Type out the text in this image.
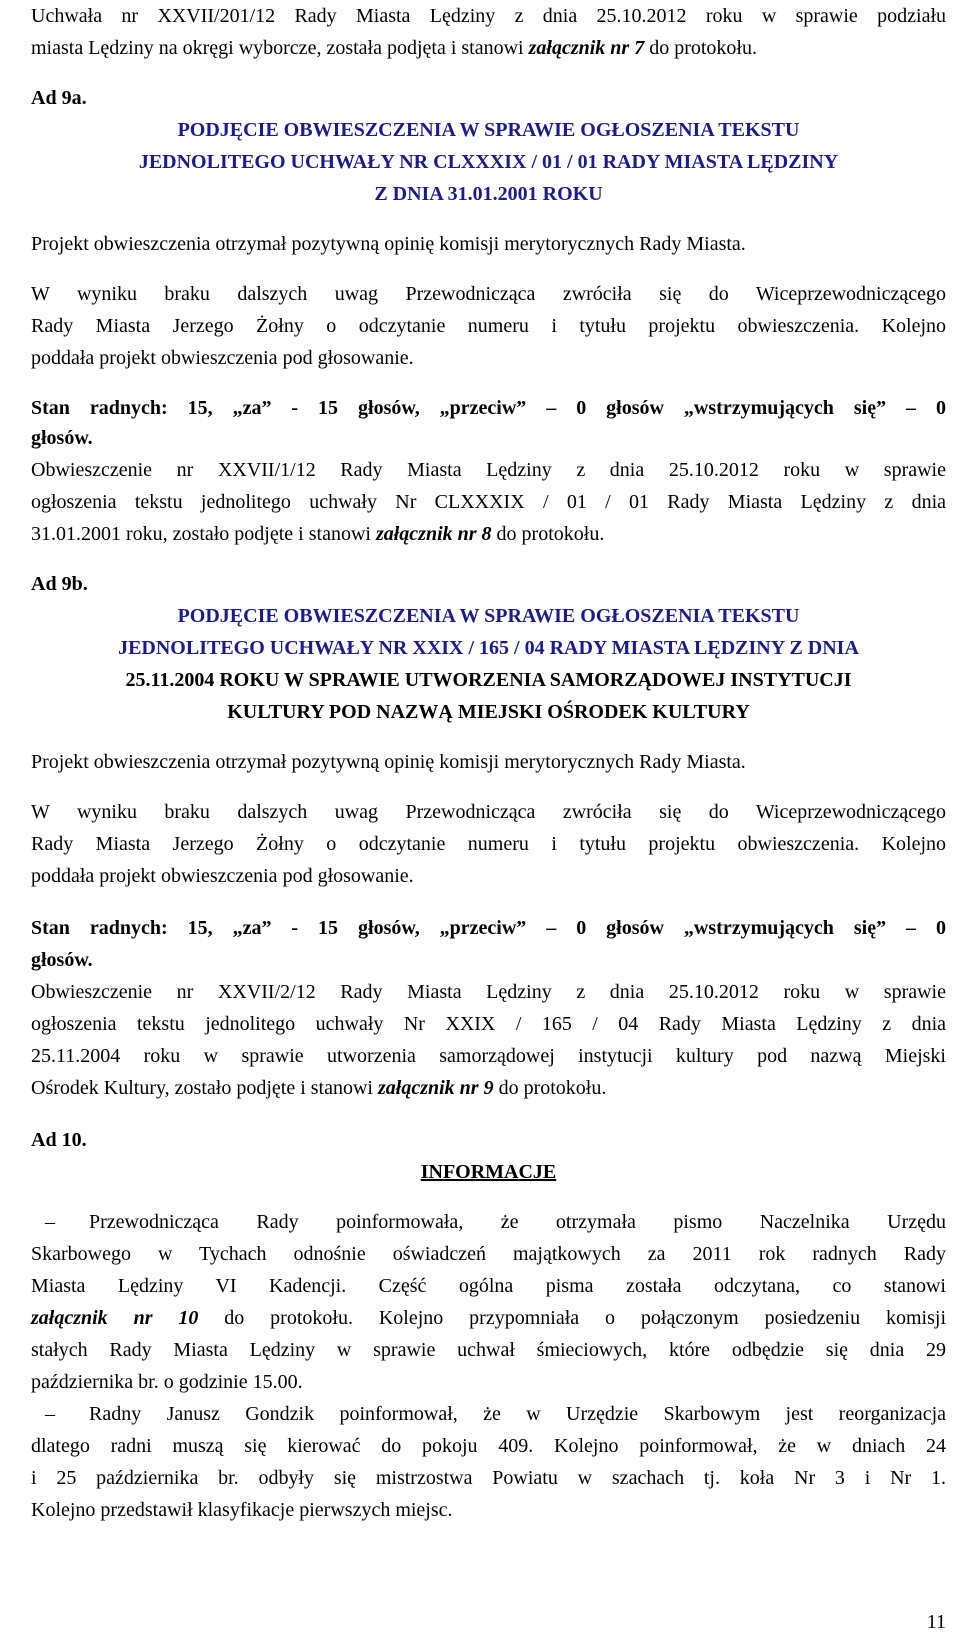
Uchwała nr XXVII/201/12 Rady Miasta Lędziny z dnia 25.10.2012 roku w sprawie podziału
miasta Lędziny na okręgi wyborcze, została podjęta i stanowi załącznik nr 7 do protokołu.
Ad 9a.
PODJĘCIE OBWIESZCZENIA W SPRAWIE OGŁOSZENIA TEKSTU
JEDNOLITEGO UCHWAŁY NR CLXXXIX / 01 / 01 RADY MIASTA LĘDZINY
Z DNIA 31.01.2001 ROKU
Projekt obwieszczenia otrzymał pozytywną opinię komisji merytorycznych Rady Miasta.
W wyniku braku dalszych uwag Przewodnicząca zwróciła się do Wiceprzewodniczącego
Rady Miasta Jerzego Żołny o odczytanie numeru i tytułu projektu obwieszczenia. Kolejno
poddała projekt obwieszczenia pod głosowanie.
Stan radnych: 15, „za” - 15 głosów, „przeciw” – 0 głosów „wstrzymujących się” – 0
głosów.
Obwieszczenie nr XXVII/1/12 Rady Miasta Lędziny z dnia 25.10.2012 roku w sprawie
ogłoszenia tekstu jednolitego uchwały Nr CLXXXIX / 01 / 01 Rady Miasta Lędziny z dnia
31.01.2001 roku, zostało podjęte i stanowi załącznik nr 8 do protokołu.
Ad 9b.
PODJĘCIE OBWIESZCZENIA W SPRAWIE OGŁOSZENIA TEKSTU
JEDNOLITEGO UCHWAŁY NR XXIX / 165 / 04 RADY MIASTA LĘDZINY Z DNIA
25.11.2004 ROKU W SPRAWIE UTWORZENIA SAMORZĄDOWEJ INSTYTUCJI
KULTURY POD NAZWĄ MIEJSKI OŚRODEK KULTURY
Projekt obwieszczenia otrzymał pozytywną opinię komisji merytorycznych Rady Miasta.
W wyniku braku dalszych uwag Przewodnicząca zwróciła się do Wiceprzewodniczącego
Rady Miasta Jerzego Żołny o odczytanie numeru i tytułu projektu obwieszczenia. Kolejno
poddała projekt obwieszczenia pod głosowanie.
Stan radnych: 15, „za” - 15 głosów, „przeciw” – 0 głosów „wstrzymujących się” – 0
głosów.
Obwieszczenie nr XXVII/2/12 Rady Miasta Lędziny z dnia 25.10.2012 roku w sprawie
ogłoszenia tekstu jednolitego uchwały Nr XXIX / 165 / 04 Rady Miasta Lędziny z dnia
25.11.2004 roku w sprawie utworzenia samorządowej instytucji kultury pod nazwą Miejski
Ośrodek Kultury, zostało podjęte i stanowi załącznik nr 9 do protokołu.
Ad 10.
INFORMACJE
– Przewodnicząca Rady poinformowała, że otrzymała pismo Naczelnika Urzędu
Skarbowego w Tychach odnośnie oświadczeń majątkowych za 2011 rok radnych Rady
Miasta Lędziny VI Kadencji. Część ogólna pisma została odczytana, co stanowi
załącznik nr 10 do protokołu. Kolejno przypomniała o połączonym posiedzeniu komisji
stałych Rady Miasta Lędziny w sprawie uchwał śmieciowych, które odbędzie się dnia 29
października br. o godzinie 15.00.
– Radny Janusz Gondzik poinformował, że w Urzędzie Skarbowym jest reorganizacja
dlatego radni muszą się kierować do pokoju 409. Kolejno poinformował, że w dniach 24
i 25 października br. odbyły się mistrzostwa Powiatu w szachach tj. koła Nr 3 i Nr 1.
Kolejno przedstawił klasyfikacje pierwszych miejsc.
11
